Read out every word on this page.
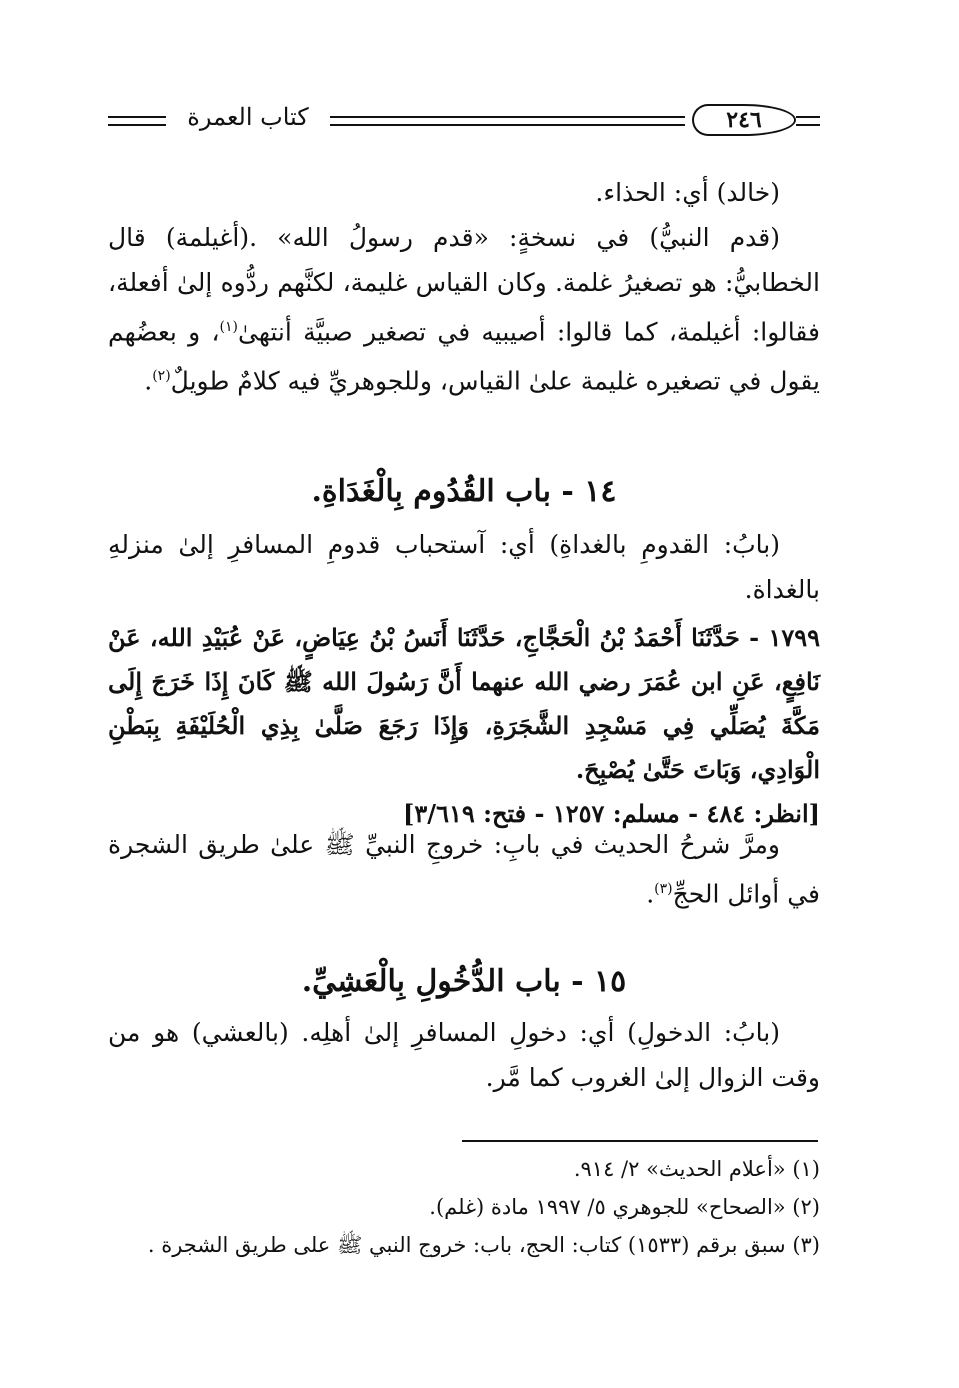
كتاب العمرة	٢٤٦

(خالد) أي: الحذاء.

(قدم النبيُّ) في نسخةٍ: «قدم رسولُ الله» .(أغيلمة) قال الخطابيُّ: هو تصغيرُ غلمة. وكان القياس غليمة، لكنَّهم ردُّوه إلىٰ أفعلة، فقالوا: أغيلمة، كما قالوا: أصيبيه في تصغير صبيَّة أنتهىٰ$^{(١)}$، و بعضُهم يقول في تصغيره غليمة علىٰ القياس، وللجوهريِّ فيه كلامٌ طويلٌ$^{(٢)}$.

١٤ - باب القُدُوم بِالْغَدَاةِ.

(بابُ: القدومِ بالغداةِ) أي: آستحباب قدومِ المسافرِ إلىٰ منزلهِ بالغداة.

١٧٩٩ - حَدَّثَنَا أَحْمَدُ بْنُ الْحَجَّاجِ، حَدَّثَنَا أَنَسُ بْنُ عِيَاضٍ، عَنْ عُبَيْدِ الله، عَنْ نَافِعٍ، عَنِ ابن عُمَرَ رضي الله عنهما أَنَّ رَسُولَ الله ﷺ كَانَ إِذَا خَرَجَ إِلَى مَكَّةَ يُصَلِّي فِي مَسْجِدِ الشَّجَرَةِ، وَإِذَا رَجَعَ صَلَّىٰ بِذِي الْحُلَيْفَةِ بِبَطْنِ الْوَادِي، وَبَاتَ حَتَّىٰ يُصْبِحَ.

[انظر: ٤٨٤ - مسلم: ١٢٥٧ - فتح: ٣/٦١٩]

ومرَّ شرحُ الحديث في بابِ: خروجِ النبيِّ ﷺ علىٰ طريق الشجرة في أوائل الحجِّ$^{(٣)}$.

١٥ - باب الدُّخُولِ بِالْعَشِيِّ.

(بابُ: الدخولِ) أي: دخولِ المسافرِ إلىٰ أهلِه. (بالعشي) هو من وقت الزوال إلىٰ الغروب كما مَّر.

(١) «أعلام الحديث» ٢/ ٩١٤.

(٢) «الصحاح» للجوهري ٥/ ١٩٩٧ مادة (غلم).

(٣) سبق برقم (١٥٣٣) كتاب: الحج، باب: خروج النبي ﷺ على طريق الشجرة .
